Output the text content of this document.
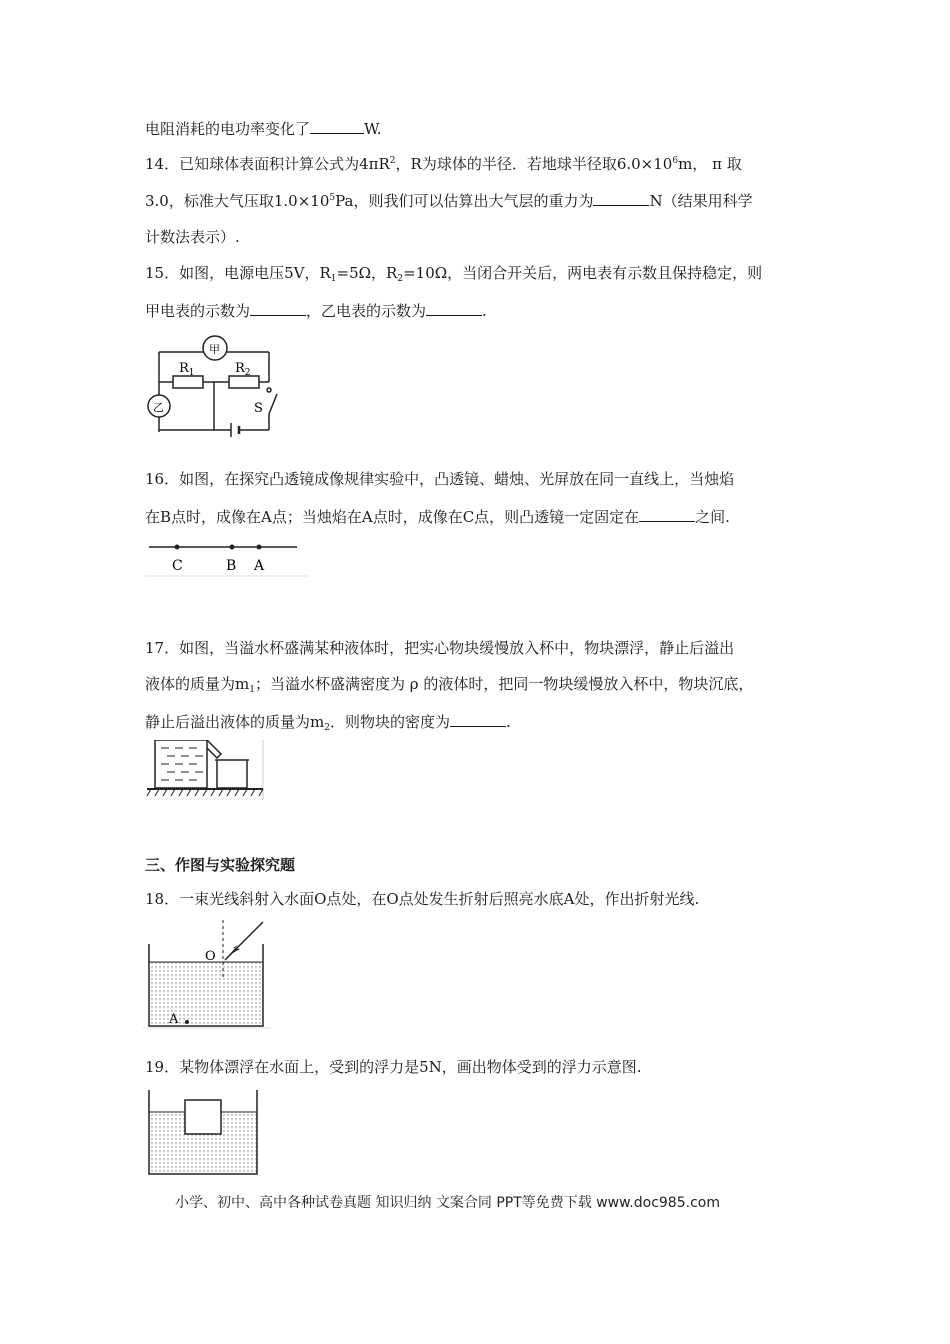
电阻消耗的电功率变化了	W.
14．已知球体表面积计算公式为$4\pi R^2$，R为球体的半径．若地球半径取$6.0\times 10^6m$， π 取
3.0，标准大气压取$1.0\times 10^5Pa$，则我们可以估算出大气层的重力为	N（结果用科学
计数法表示）.
15．如图，电源电压5V，$R_1=5\Omega$，$R_2=10\Omega$，当闭合开关后，两电表有示数且保持稳定，则
甲电表的示数为	，乙电表的示数为	.
甲
乙
$R_1$	$R_2$
S
16．如图，在探究凸透镜成像规律实验中，凸透镜、蜡烛、光屏放在同一直线上，当烛焰
在B点时，成像在A点；当烛焰在A点时，成像在C点，则凸透镜一定固定在	之间.
C	B A
17．如图，当溢水杯盛满某种液体时，把实心物块缓慢放入杯中，物块漂浮，静止后溢出
液体的质量为$m_1$；当溢水杯盛满密度为 ρ 的液体时，把同一物块缓慢放入杯中，物块沉底，
静止后溢出液体的质量为$m_2$．则物块的密度为	.
三、作图与实验探究题
18．一束光线斜射入水面O点处，在O点处发生折射后照亮水底A处，作出折射光线.
O
A
19．某物体漂浮在水面上，受到的浮力是5N，画出物体受到的浮力示意图.
小学、初中、高中各种试卷真题 知识归纳 文案合同 PPT等免费下载 www.doc985.com
